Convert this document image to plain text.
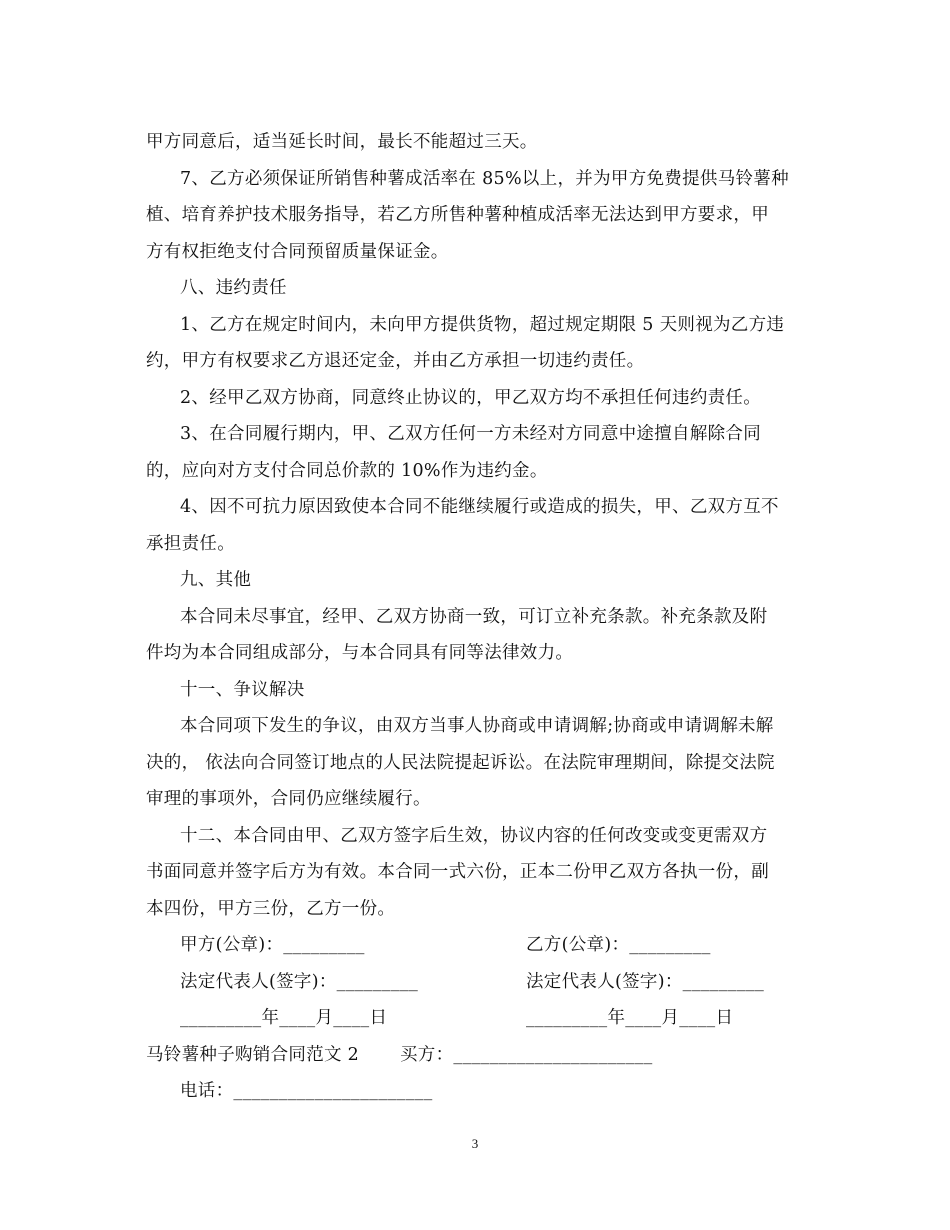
甲方同意后，适当延长时间，最长不能超过三天。
7、乙方必须保证所销售种薯成活率在 85%以上，并为甲方免费提供马铃薯种
植、培育养护技术服务指导，若乙方所售种薯种植成活率无法达到甲方要求，甲
方有权拒绝支付合同预留质量保证金。
八、违约责任
1、乙方在规定时间内，未向甲方提供货物，超过规定期限 5 天则视为乙方违
约，甲方有权要求乙方退还定金，并由乙方承担一切违约责任。
2、经甲乙双方协商，同意终止协议的，甲乙双方均不承担任何违约责任。
3、在合同履行期内，甲、乙双方任何一方未经对方同意中途擅自解除合同
的，应向对方支付合同总价款的 10%作为违约金。
4、因不可抗力原因致使本合同不能继续履行或造成的损失，甲、乙双方互不
承担责任。
九、其他
本合同未尽事宜，经甲、乙双方协商一致，可订立补充条款。补充条款及附
件均为本合同组成部分，与本合同具有同等法律效力。
十一、争议解决
本合同项下发生的争议，由双方当事人协商或申请调解;协商或申请调解未解
决的， 依法向合同签订地点的人民法院提起诉讼。在法院审理期间，除提交法院
审理的事项外，合同仍应继续履行。
十二、本合同由甲、乙双方签字后生效，协议内容的任何改变或变更需双方
书面同意并签字后方为有效。本合同一式六份，正本二份甲乙双方各执一份，副
本四份，甲方三份，乙方一份。
甲方(公章)：_________	乙方(公章)：_________
法定代表人(签字)：_________	法定代表人(签字)：_________
_________年____月____日	_________年____月____日
马铃薯种子购销合同范文 2 买方：______________________
电话：______________________
3
